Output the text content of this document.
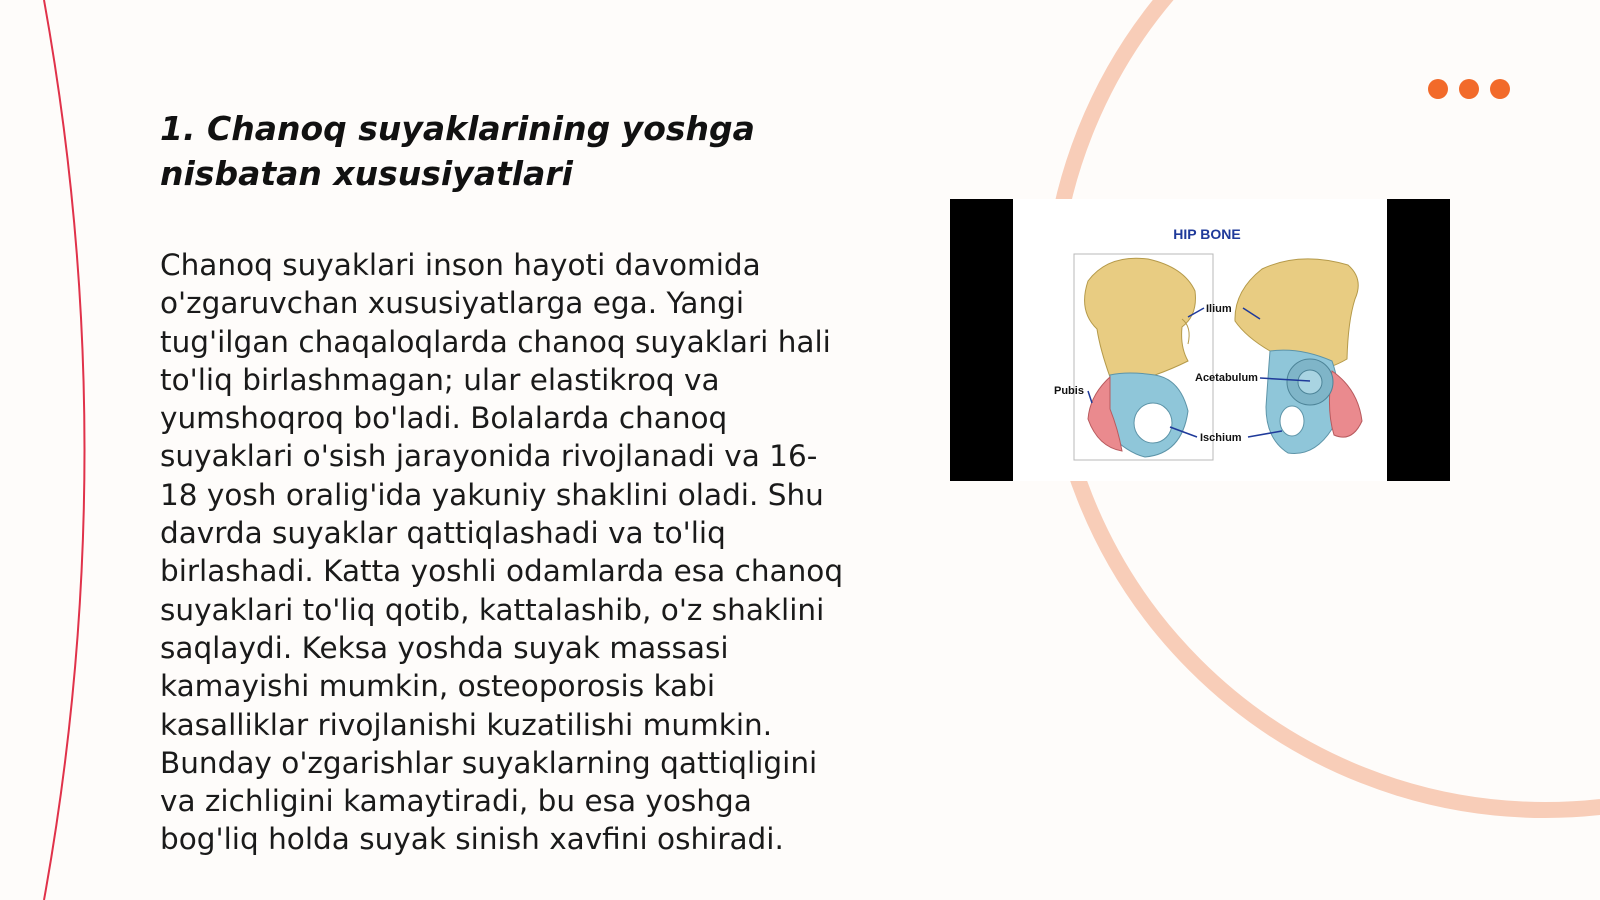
1. Chanoq suyaklarining yoshga nisbatan xususiyatlari

Chanoq suyaklari inson hayoti davomida o'zgaruvchan xususiyatlarga ega. Yangi tug'ilgan chaqaloqlarda chanoq suyaklari hali to'liq birlashmagan; ular elastikroq va yumshoqroq bo'ladi. Bolalarda chanoq suyaklari o'sish jarayonida rivojlanadi va 16-18 yosh oralig'ida yakuniy shaklini oladi. Shu davrda suyaklar qattiqlashadi va to'liq birlashadi. Katta yoshli odamlarda esa chanoq suyaklari to'liq qotib, kattalashib, o'z shaklini saqlaydi. Keksa yoshda suyak massasi kamayishi mumkin, osteoporosis kabi kasalliklar rivojlanishi kuzatilishi mumkin. Bunday o'zgarishlar suyaklarning qattiqligini va zichligini kamaytiradi, bu esa yoshga bog'liq holda suyak sinish xavfini oshiradi.

HIP BONE
Ilium
Pubis
Acetabulum
Ischium
